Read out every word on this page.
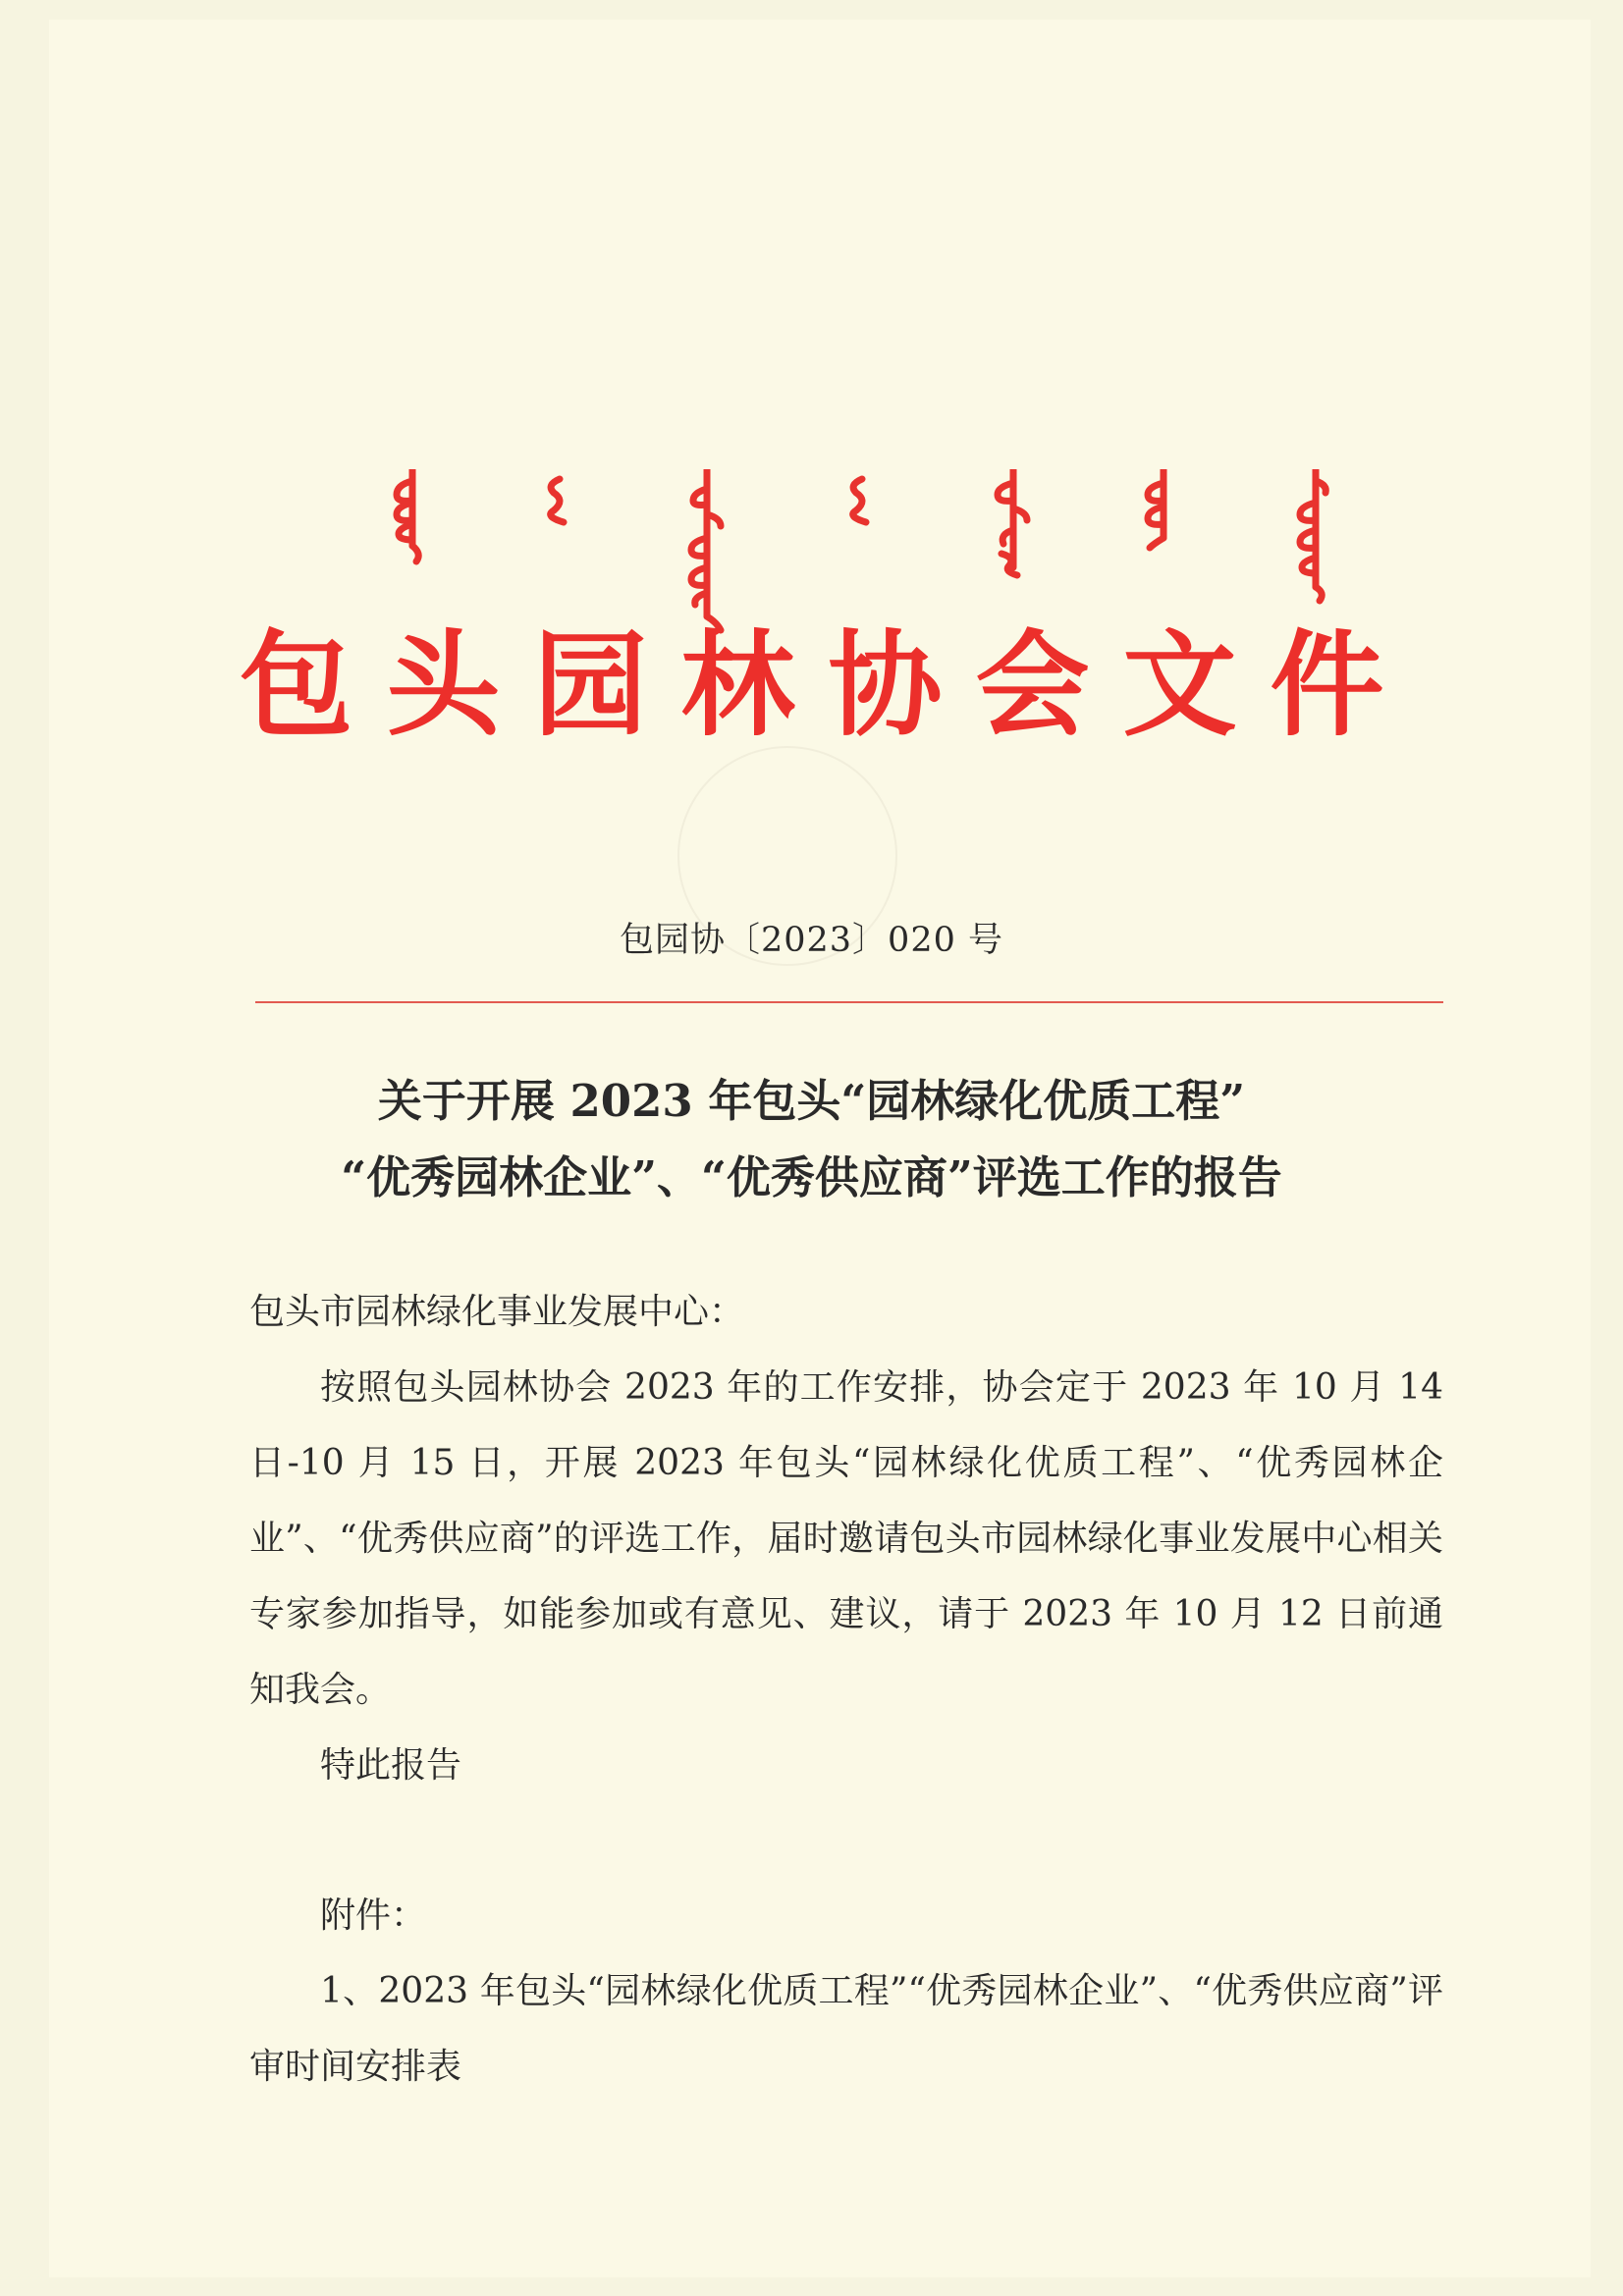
包头园林协会文件
包园协〔2023〕020 号
关于开展 2023 年包头“园林绿化优质工程”
“优秀园林企业”、“优秀供应商”评选工作的报告
包头市园林绿化事业发展中心：
按照包头园林协会 2023 年的工作安排，协会定于 2023 年 10 月 14 日-10 月 15 日，开展 2023 年包头“园林绿化优质工程”、“优秀园林企业”、“优秀供应商”的评选工作，届时邀请包头市园林绿化事业发展中心相关专家参加指导，如能参加或有意见、建议，请于 2023 年 10 月 12 日前通知我会。
特此报告
附件：
1、2023 年包头“园林绿化优质工程”“优秀园林企业”、“优秀供应商”评审时间安排表
